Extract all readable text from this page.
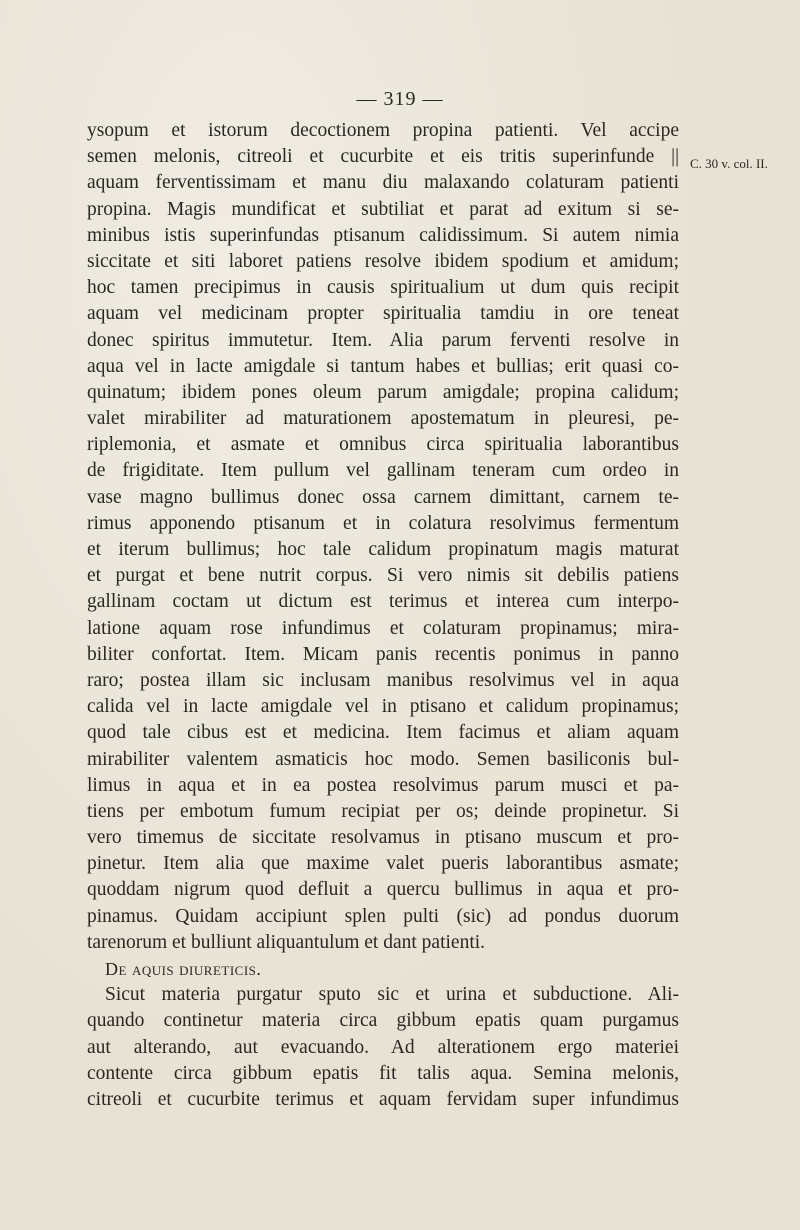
— 319 —
C. 30 v. col. II.
ysopum et istorum decoctionem propina patienti. Vel accipe
semen melonis, citreoli et cucurbite et eis tritis superinfunde ||
aquam ferventissimam et manu diu malaxando colaturam patienti
propina. Magis mundificat et subtiliat et parat ad exitum si se-
minibus istis superinfundas ptisanum calidissimum. Si autem nimia
siccitate et siti laboret patiens resolve ibidem spodium et amidum;
hoc tamen precipimus in causis spiritualium ut dum quis recipit
aquam vel medicinam propter spiritualia tamdiu in ore teneat
donec spiritus immutetur. Item. Alia parum ferventi resolve in
aqua vel in lacte amigdale si tantum habes et bullias; erit quasi co-
quinatum; ibidem pones oleum parum amigdale; propina calidum;
valet mirabiliter ad maturationem apostematum in pleuresi, pe-
riplemonia, et asmate et omnibus circa spiritualia laborantibus
de frigiditate. Item pullum vel gallinam teneram cum ordeo in
vase magno bullimus donec ossa carnem dimittant, carnem te-
rimus apponendo ptisanum et in colatura resolvimus fermentum
et iterum bullimus; hoc tale calidum propinatum magis maturat
et purgat et bene nutrit corpus. Si vero nimis sit debilis patiens
gallinam coctam ut dictum est terimus et interea cum interpo-
latione aquam rose infundimus et colaturam propinamus; mira-
biliter confortat. Item. Micam panis recentis ponimus in panno
raro; postea illam sic inclusam manibus resolvimus vel in aqua
calida vel in lacte amigdale vel in ptisano et calidum propinamus;
quod tale cibus est et medicina. Item facimus et aliam aquam
mirabiliter valentem asmaticis hoc modo. Semen basiliconis bul-
limus in aqua et in ea postea resolvimus parum musci et pa-
tiens per embotum fumum recipiat per os; deinde propinetur. Si
vero timemus de siccitate resolvamus in ptisano muscum et pro-
pinetur. Item alia que maxime valet pueris laborantibus asmate;
quoddam nigrum quod defluit a quercu bullimus in aqua et pro-
pinamus. Quidam accipiunt splen pulti (sic) ad pondus duorum
tarenorum et bulliunt aliquantulum et dant patienti.
De aquis diureticis.
Sicut materia purgatur sputo sic et urina et subductione. Ali-
quando continetur materia circa gibbum epatis quam purgamus
aut alterando, aut evacuando. Ad alterationem ergo materiei
contente circa gibbum epatis fit talis aqua. Semina melonis,
citreoli et cucurbite terimus et aquam fervidam super infundimus
